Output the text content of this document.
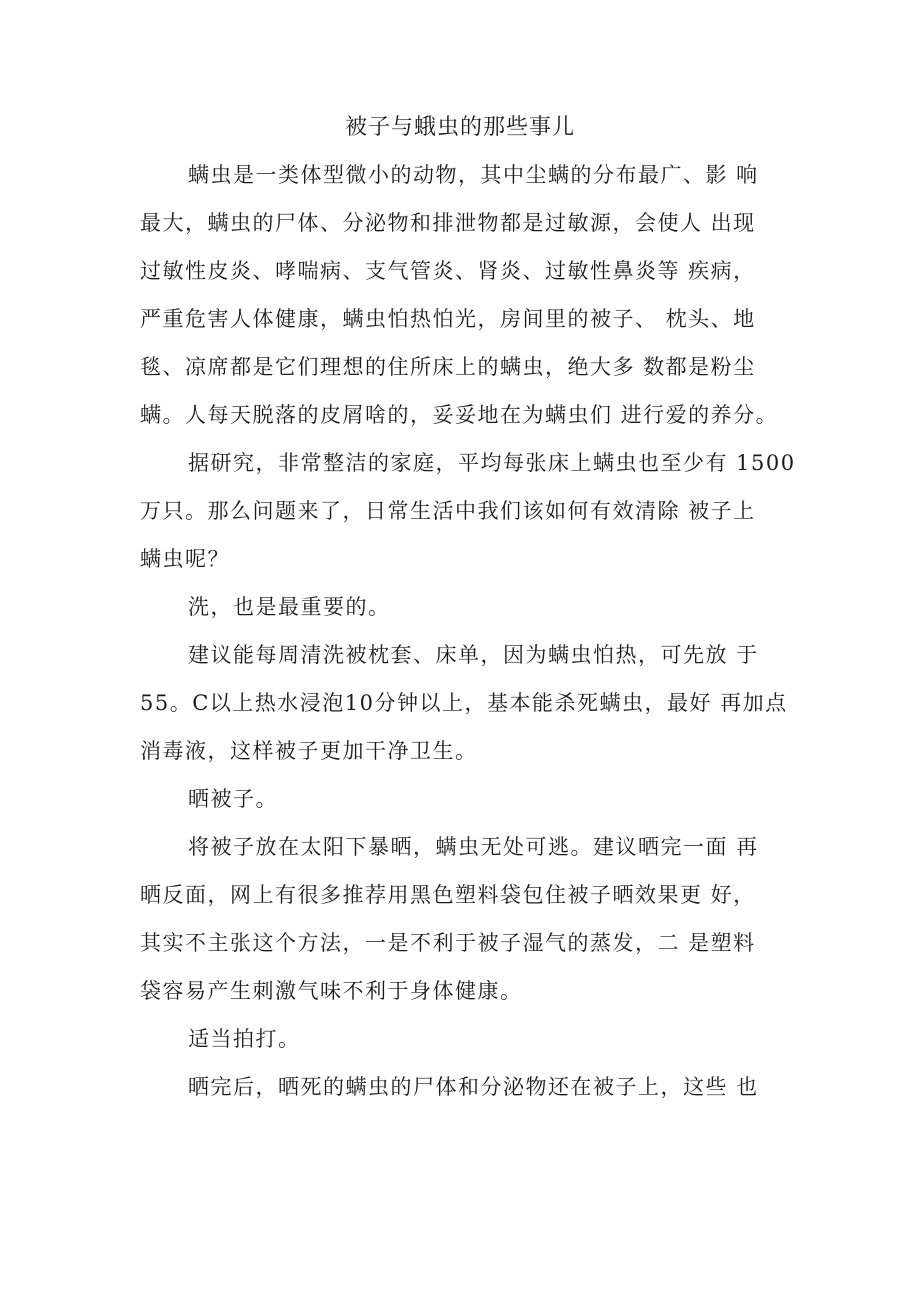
被子与蛾虫的那些事儿
螨虫是一类体型微小的动物，其中尘螨的分布最广、影 响
最大，螨虫的尸体、分泌物和排泄物都是过敏源，会使人 出现
过敏性皮炎、哮喘病、支气管炎、肾炎、过敏性鼻炎等 疾病，
严重危害人体健康，螨虫怕热怕光，房间里的被子、 枕头、地
毯、凉席都是它们理想的住所床上的螨虫，绝大多 数都是粉尘
螨。人每天脱落的皮屑啥的，妥妥地在为螨虫们 进行爱的养分。
据研究，非常整洁的家庭，平均每张床上螨虫也至少有 1500
万只。那么问题来了，日常生活中我们该如何有效清除 被子上
螨虫呢？
洗，也是最重要的。
建议能每周清洗被枕套、床单，因为螨虫怕热，可先放 于
55。C以上热水浸泡10分钟以上，基本能杀死螨虫，最好 再加点
消毒液，这样被子更加干净卫生。
晒被子。
将被子放在太阳下暴晒，螨虫无处可逃。建议晒完一面 再
晒反面，网上有很多推荐用黑色塑料袋包住被子晒效果更 好，
其实不主张这个方法，一是不利于被子湿气的蒸发，二 是塑料
袋容易产生刺激气味不利于身体健康。
适当拍打。
晒完后，晒死的螨虫的尸体和分泌物还在被子上，这些 也
